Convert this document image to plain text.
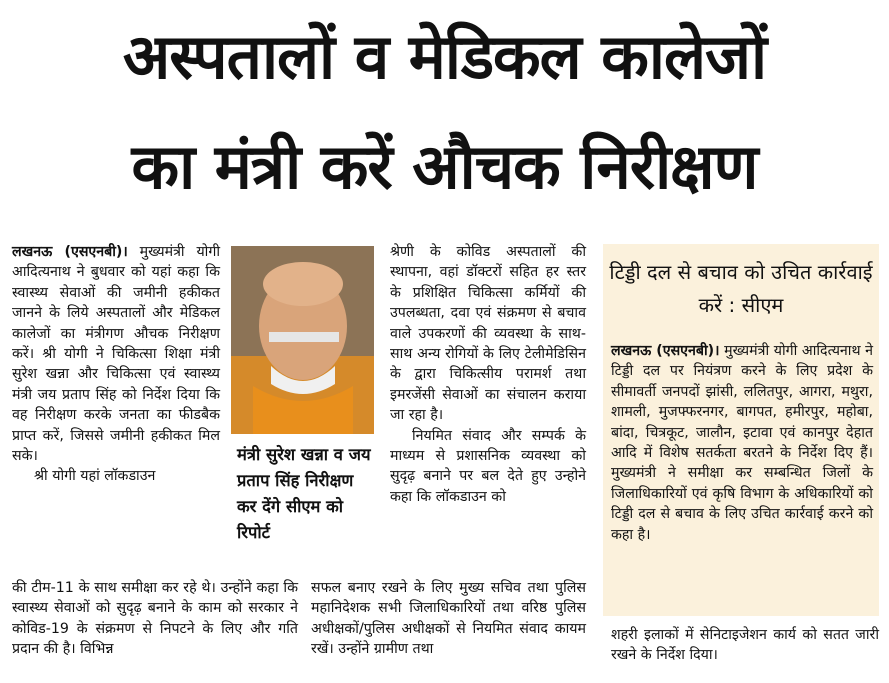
अस्पतालों व मेडिकल कालेजों
का मंत्री करें औचक निरीक्षण

लखनऊ (एसएनबी)। मुख्यमंत्री योगी आदित्यनाथ ने बुधवार को यहां कहा कि स्वास्थ्य सेवाओं की जमीनी हकीकत जानने के लिये अस्पतालों और मेडिकल कालेजों का मंत्रीगण औचक निरीक्षण करें। श्री योगी ने चिकित्सा शिक्षा मंत्री सुरेश खन्ना और चिकित्सा एवं स्वास्थ्य मंत्री जय प्रताप सिंह को निर्देश दिया कि वह निरीक्षण करके जनता का फीडबैक प्राप्त करें, जिससे जमीनी हकीकत मिल सके।

श्री योगी यहां लॉकडाउन

की टीम-11 के साथ समीक्षा कर रहे थे। उन्होंने कहा कि स्वास्थ्य सेवाओं को सुदृढ़ बनाने के काम को सरकार ने कोविड-19 के संक्रमण से निपटने के लिए और गति प्रदान की है। विभिन्न

मंत्री सुरेश खन्ना व जय प्रताप सिंह निरीक्षण कर देंगे सीएम को रिपोर्ट

श्रेणी के कोविड अस्पतालों की स्थापना, वहां डॉक्टरों सहित हर स्तर के प्रशिक्षित चिकित्सा कर्मियों की उपलब्धता, दवा एवं संक्रमण से बचाव वाले उपकरणों की व्यवस्था के साथ-साथ अन्य रोगियों के लिए टेलीमेडिसिन के द्वारा चिकित्सीय परामर्श तथा इमरजेंसी सेवाओं का संचालन कराया जा रहा है।

नियमित संवाद और सम्पर्क के माध्यम से प्रशासनिक व्यवस्था को सुदृढ़ बनाने पर बल देते हुए उन्होने कहा कि लॉकडाउन को

सफल बनाए रखने के लिए मुख्य सचिव तथा पुलिस महानिदेशक सभी जिलाधिकारियों तथा वरिष्ठ पुलिस अधीक्षकों/पुलिस अधीक्षकों से नियमित संवाद कायम रखें। उन्होंने ग्रामीण तथा

टिड्डी दल से बचाव को उचित कार्रवाई करें : सीएम
लखनऊ (एसएनबी)। मुख्यमंत्री योगी आदित्यनाथ ने टिड्डी दल पर नियंत्रण करने के लिए प्रदेश के सीमावर्ती जनपदों झांसी, ललितपुर, आगरा, मथुरा, शामली, मुजफ्फरनगर, बागपत, हमीरपुर, महोबा, बांदा, चित्रकूट, जालौन, इटावा एवं कानपुर देहात आदि में विशेष सतर्कता बरतने के निर्देश दिए हैं। मुख्यमंत्री ने समीक्षा कर सम्बन्धित जिलों के जिलाधिकारियों एवं कृषि विभाग के अधिकारियों को टिड्डी दल से बचाव के लिए उचित कार्रवाई करने को कहा है।
शहरी इलाकों में सेनिटाइजेशन कार्य को सतत जारी रखने के निर्देश दिया।
